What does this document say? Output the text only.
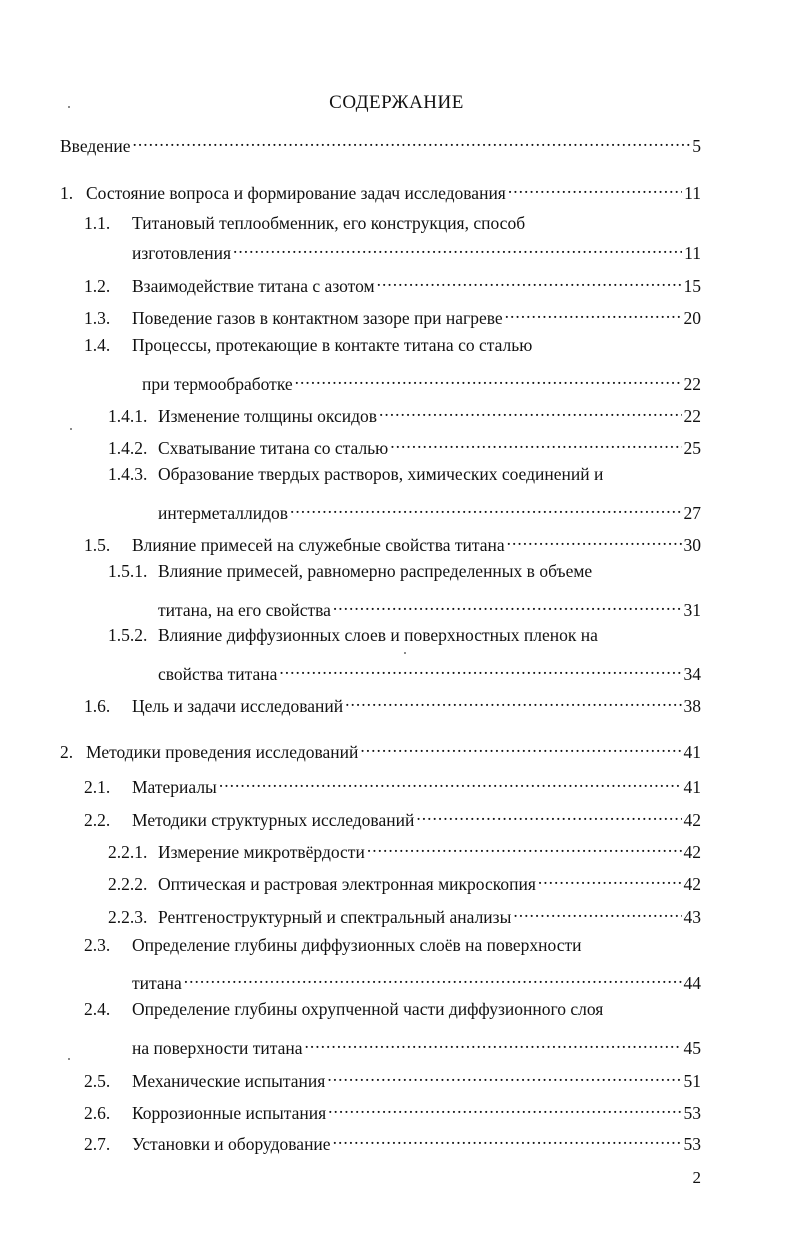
СОДЕРЖАНИЕ
Введение .....	5
1. Состояние вопроса и формирование задач исследования .....	11
1.1. Титановый теплообменник, его конструкция, способ
изготовления .....	11
1.2.	Взаимодействие титана с азотом .....	15
1.3.	Поведение газов в контактном зазоре при нагреве .....	20
1.4. Процессы, протекающие в контакте титана со сталью
при термообработке .....	22
1.4.1. Изменение толщины оксидов .....	22
1.4.2. Схватывание титана со сталью .....	25
1.4.3. Образование твердых растворов, химических соединений и
интерметаллидов .....	27
1.5.	Влияние примесей на служебные свойства титана .....	30
1.5.1. Влияние примесей, равномерно распределенных в объеме
титана, на его свойства .....	31
1.5.2. Влияние диффузионных слоев и поверхностных пленок на
свойства титана .....	34
1.6.	Цель и задачи исследований .....	38
2. Методики проведения исследований .....	41
2.1.	Материалы .....	41
2.2.	Методики структурных исследований .....	42
2.2.1. Измерение микротвёрдости .....	42
2.2.2. Оптическая и растровая электронная микроскопия .....	42
2.2.3. Рентгеноструктурный и спектральный анализы .....	43
2.3. Определение глубины диффузионных слоёв на поверхности
титана .....	44
2.4. Определение глубины охрупченной части диффузионного слоя
на поверхности титана .....	45
2.5.	Механические испытания .....	51
2.6.	Коррозионные испытания .....	53
2.7.	Установки и оборудование .....	53
2
